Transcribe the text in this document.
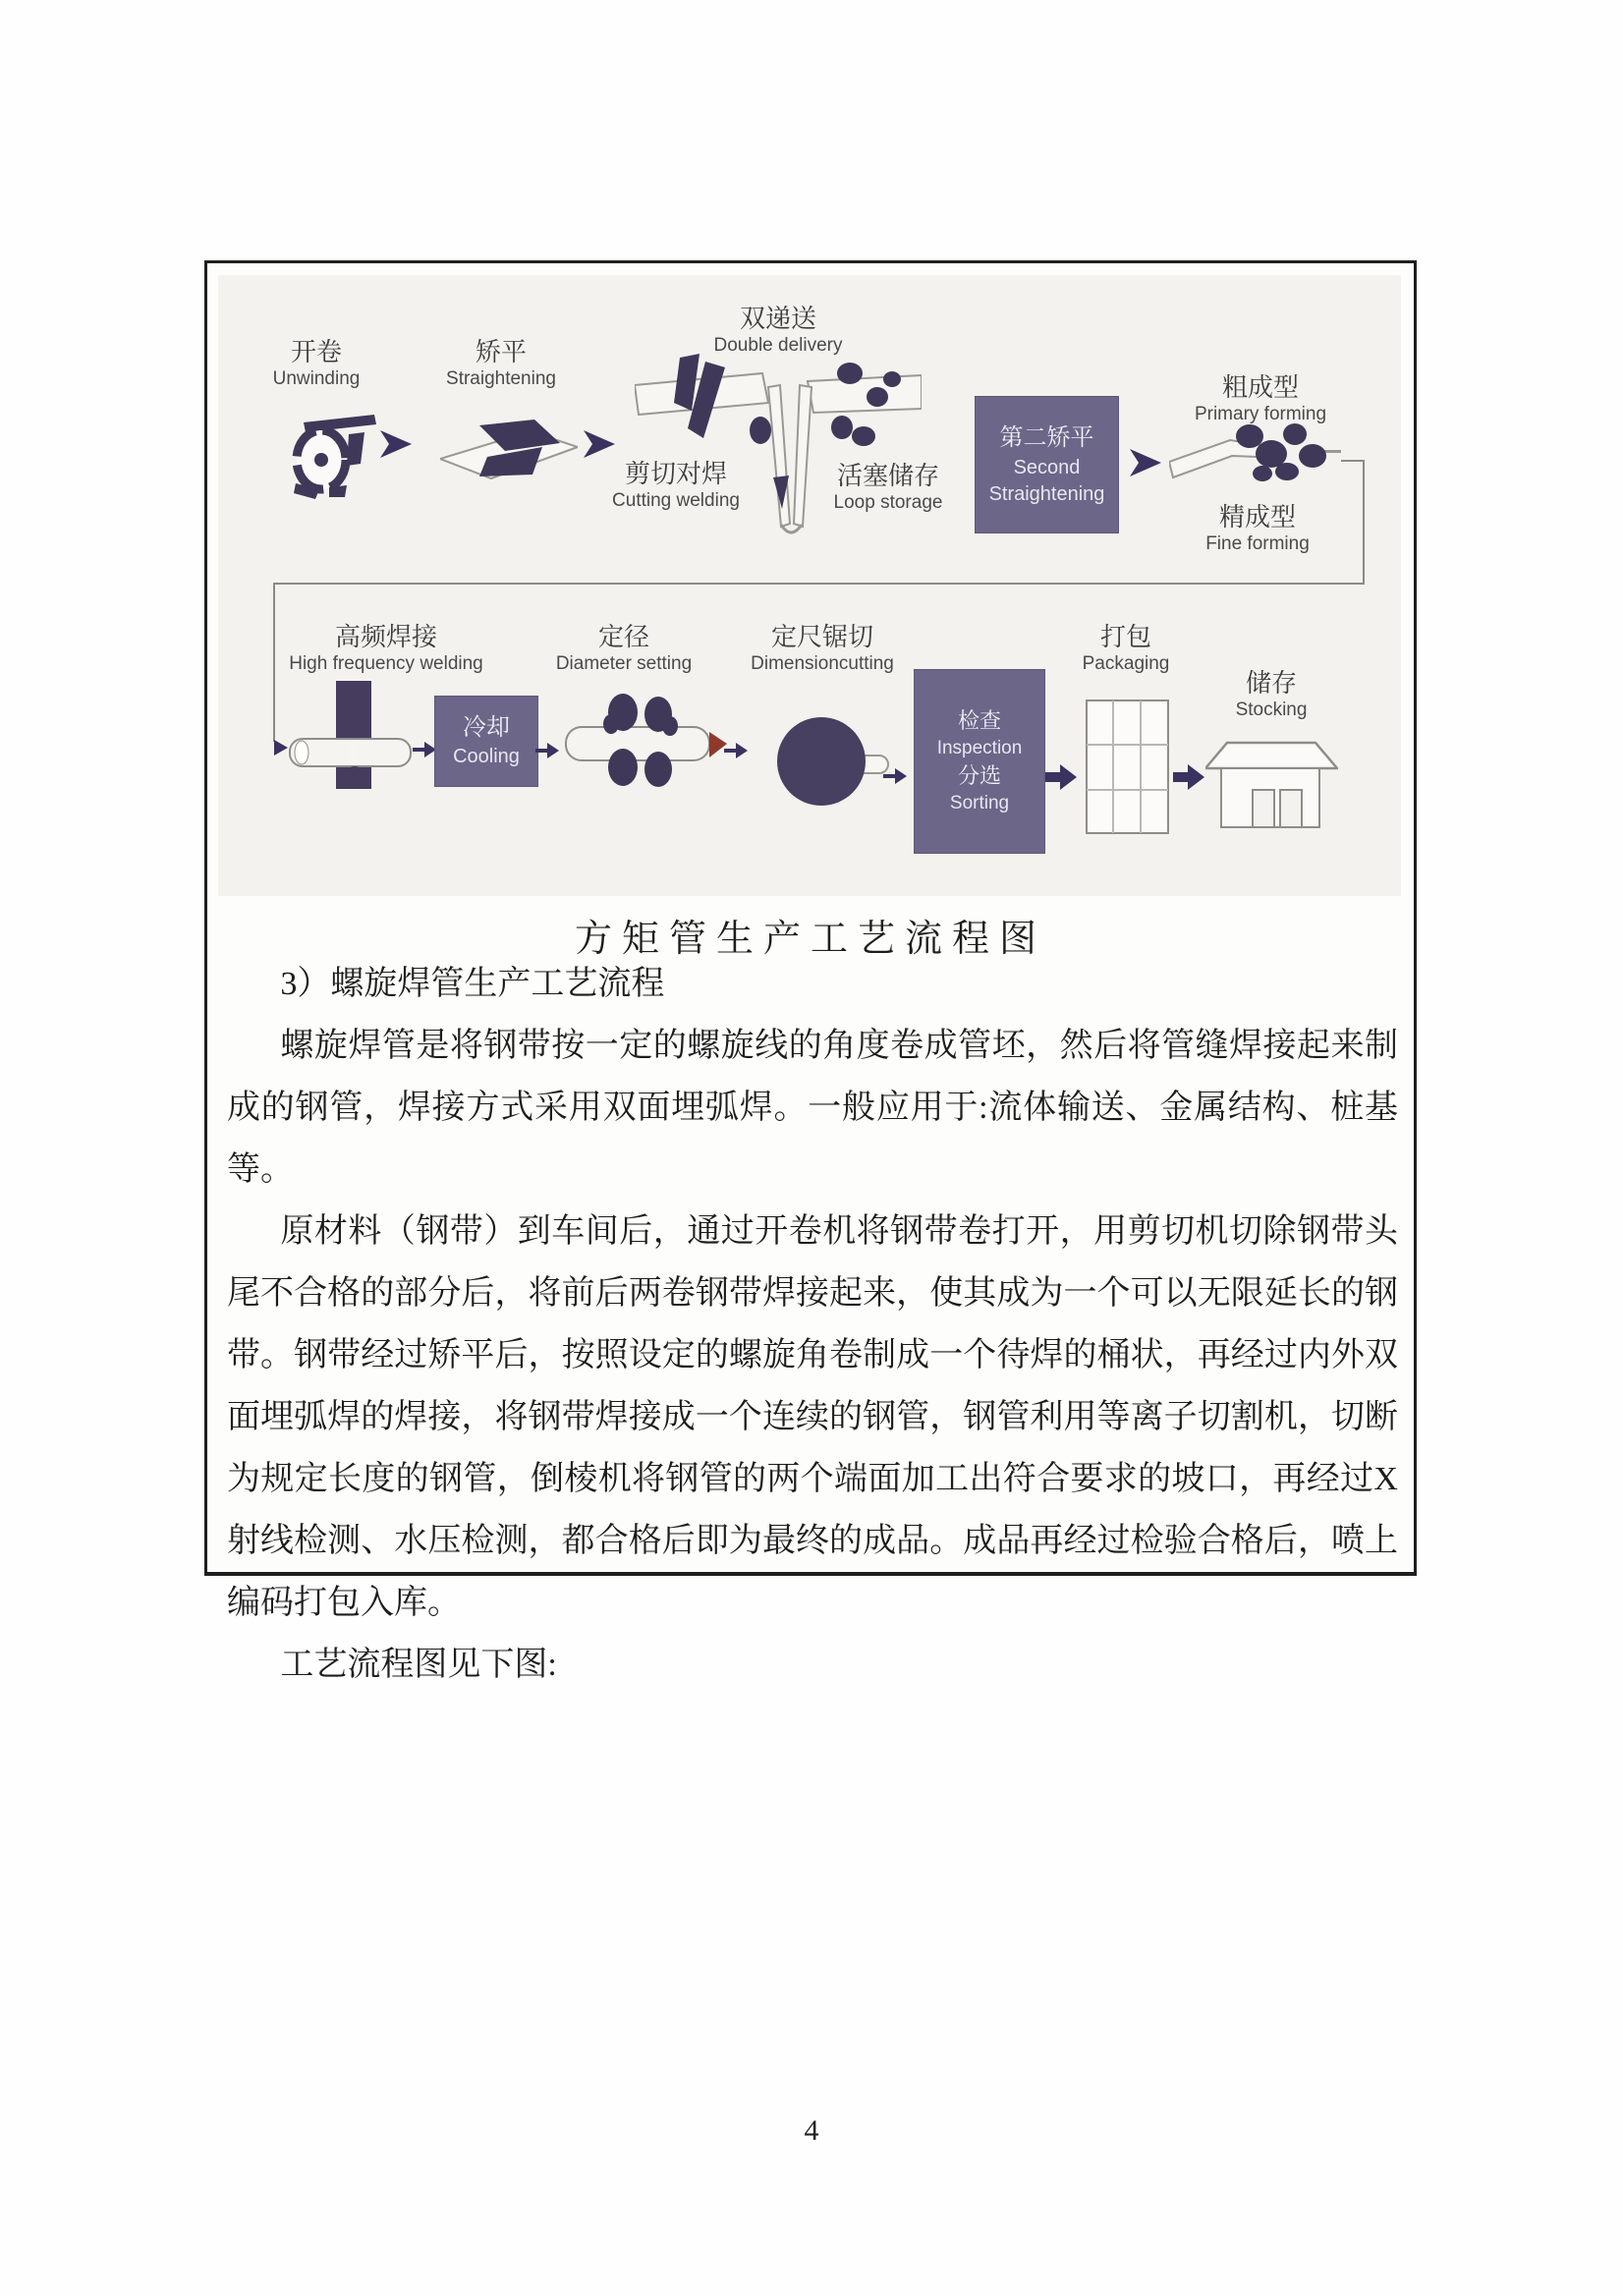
开卷
Unwinding
矫平
Straightening
双递送
Double delivery
剪切对焊
Cutting welding
活塞储存
Loop storage
粗成型
Primary forming
精成型
Fine forming
第二矫平
Second
Straightening
高频焊接
High frequency welding
定径
Diameter setting
定尺锯切
Dimensioncutting
打包
Packaging
储存
Stocking
冷却
Cooling
检查
Inspection
分选
Sorting
方矩管生产工艺流程图

3）螺旋焊管生产工艺流程

螺旋焊管是将钢带按一定的螺旋线的角度卷成管坯，然后将管缝焊接起来制成的钢管，焊接方式采用双面埋弧焊。一般应用于:流体输送、金属结构、桩基等。

原材料（钢带）到车间后，通过开卷机将钢带卷打开，用剪切机切除钢带头尾不合格的部分后，将前后两卷钢带焊接起来，使其成为一个可以无限延长的钢带。钢带经过矫平后，按照设定的螺旋角卷制成一个待焊的桶状，再经过内外双面埋弧焊的焊接，将钢带焊接成一个连续的钢管，钢管利用等离子切割机，切断为规定长度的钢管，倒棱机将钢管的两个端面加工出符合要求的坡口，再经过X射线检测、水压检测，都合格后即为最终的成品。成品再经过检验合格后，喷上编码打包入库。

工艺流程图见下图:

4
